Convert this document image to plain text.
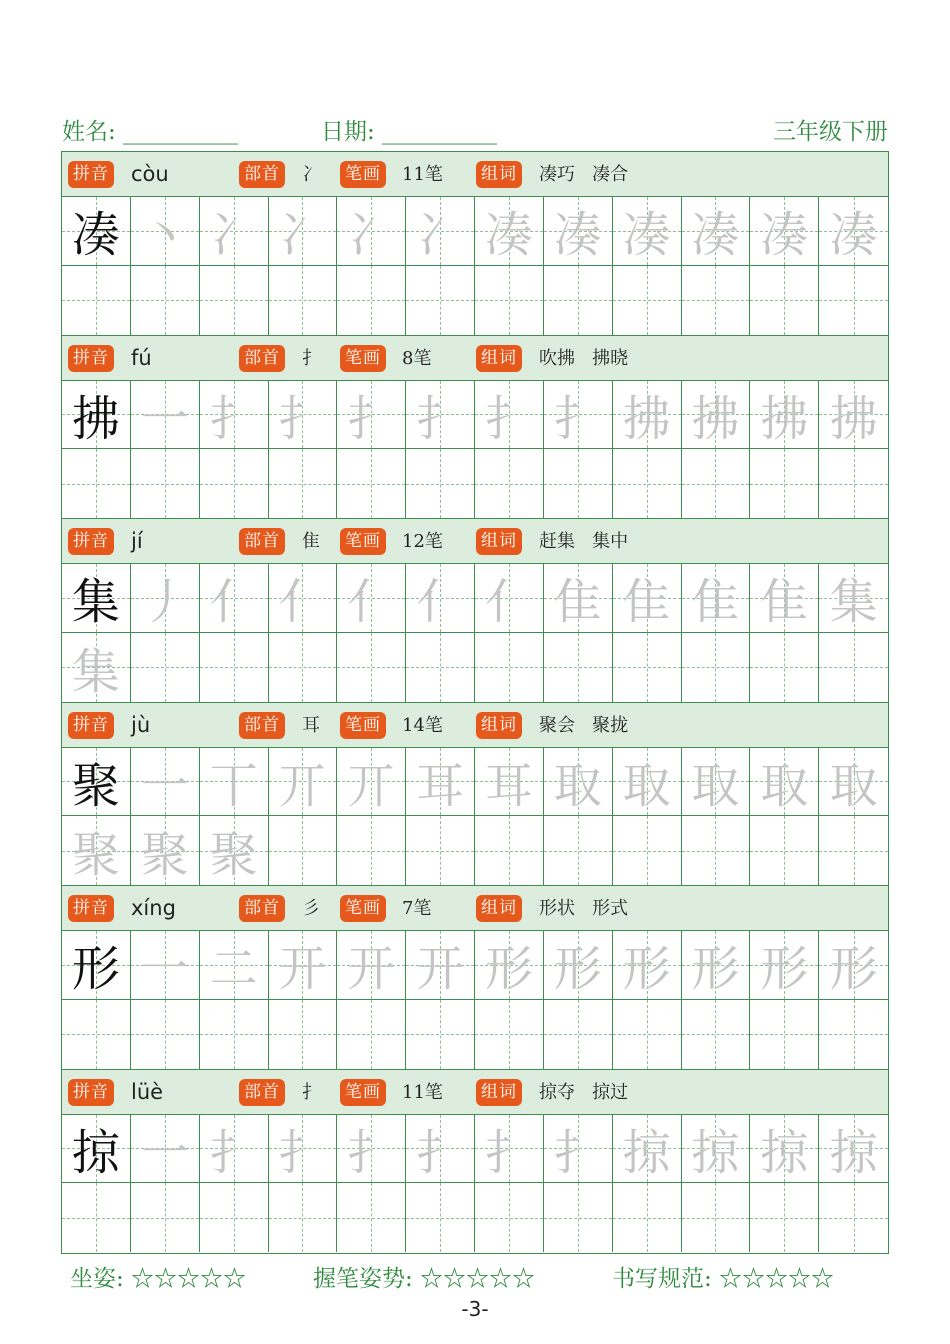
姓名: __________	日期: __________	三年级下册
拼音 còu	部首 冫 笔画 11笔 组词 凑巧 凑合
凑 丶 冫 冫 冫 冫 凑 凑 凑 凑 凑 凑
拼音 fú	部首 扌 笔画 8笔	组词 吹拂 拂晓
拂 一 扌 扌 扌 扌 扌 扌 拂 拂 拂 拂
拼音 jí	部首 隹 笔画 12笔 组词 赶集 集中
集 丿 亻 亻 亻 亻 亻 隹 隹 隹 隹 集
集
拼音 jù	部首 耳 笔画 14笔 组词 聚会 聚拢
聚 一 丅 丌 丌 耳 耳 取 取 取 取 取
聚 聚 聚
拼音 xíng	部首 彡 笔画 7笔	组词 形状 形式
形 一 二 开 开 开 形 形 形 形 形 形
拼音 lüè	部首 扌 笔画 11笔 组词 掠夺 掠过
掠 一 扌 扌 扌 扌 扌 扌 掠 掠 掠 掠
坐姿: ☆☆☆☆☆	握笔姿势: ☆☆☆☆☆	书写规范: ☆☆☆☆☆
-3-
